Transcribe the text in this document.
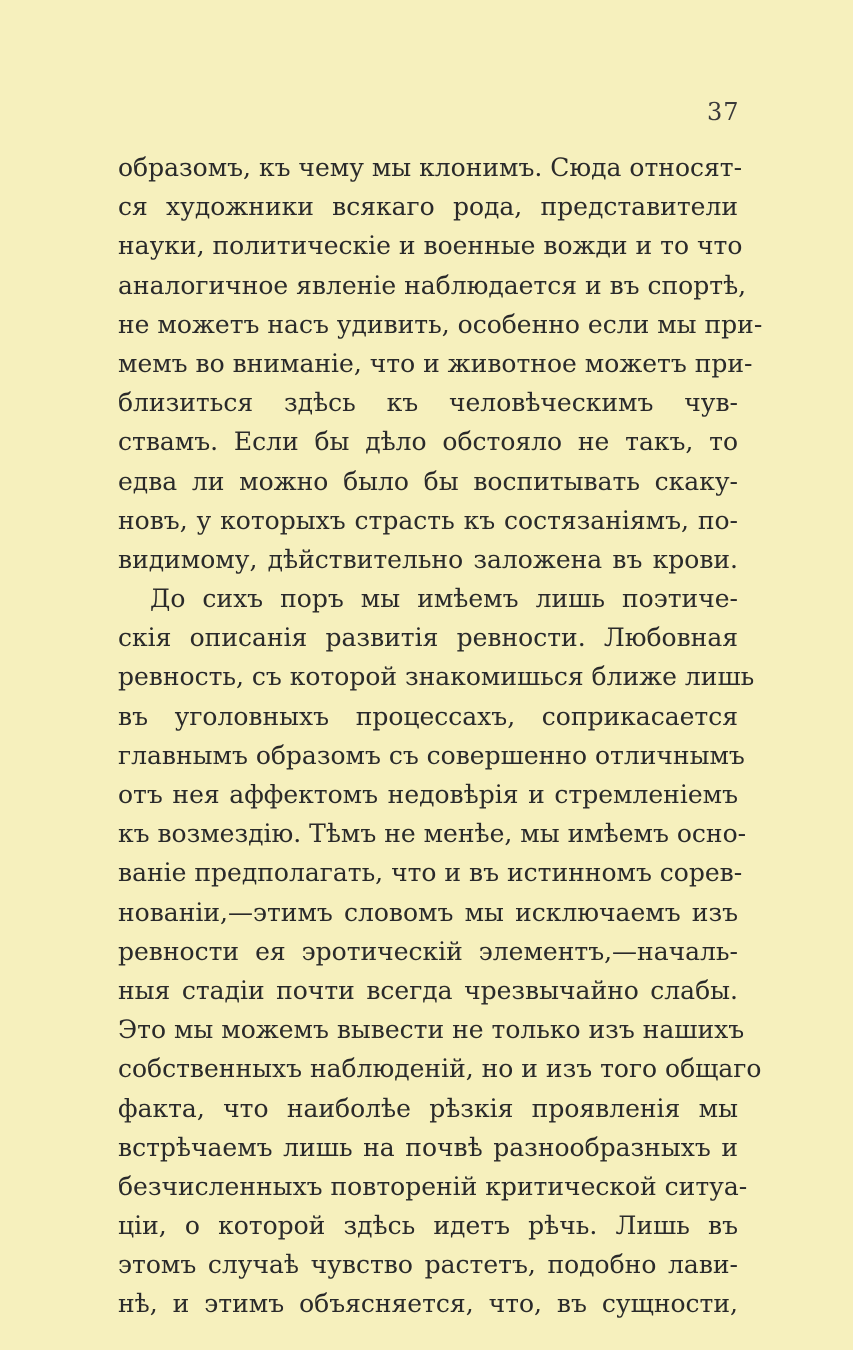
37
образомъ, къ чему мы клонимъ. Сюда относят-
ся художники всякаго рода, представители
науки, политическіе и военные вожди и то что
аналогичное явленіе наблюдается и въ спортѣ,
не можетъ насъ удивить, особенно если мы при-
мемъ во вниманіе, что и животное можетъ при-
близиться здѣсь къ человѣческимъ чув-
ствамъ. Если бы дѣло обстояло не такъ, то
едва ли можно было бы воспитывать скаку-
новъ, у которыхъ страсть къ состязаніямъ, по-
видимому, дѣйствительно заложена въ крови.
До сихъ поръ мы имѣемъ лишь поэтиче-
скія описанія развитія ревности. Любовная
ревность, съ которой знакомишься ближе лишь
въ уголовныхъ процессахъ, соприкасается
главнымъ образомъ съ совершенно отличнымъ
отъ нея аффектомъ недовѣрія и стремленіемъ
къ возмездію. Тѣмъ не менѣе, мы имѣемъ осно-
ваніе предполагать, что и въ истинномъ сорев-
нованіи,—этимъ словомъ мы исключаемъ изъ
ревности ея эротическій элементъ,—началь-
ныя стадіи почти всегда чрезвычайно слабы.
Это мы можемъ вывести не только изъ нашихъ
собственныхъ наблюденій, но и изъ того общаго
факта, что наиболѣе рѣзкія проявленія мы
встрѣчаемъ лишь на почвѣ разнообразныхъ и
безчисленныхъ повтореній критической ситуа-
ціи, о которой здѣсь идетъ рѣчь. Лишь въ
этомъ случаѣ чувство растетъ, подобно лави-
нѣ, и этимъ объясняется, что, въ сущности,
